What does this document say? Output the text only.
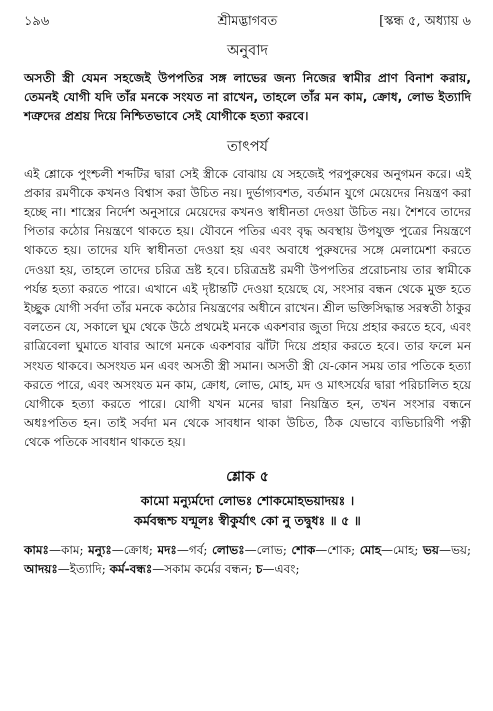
১৯৬	শ্রীমদ্ভাগবত	[স্কন্ধ ৫, অধ্যায় ৬
অনুবাদ
অসতী স্ত্রী যেমন সহজেই উপপতির সঙ্গ লাভের জন্য নিজের স্বামীর প্রাণ বিনাশ করায়, তেমনই যোগী যদি তাঁর মনকে সংযত না রাখেন, তাহলে তাঁর মন কাম, ক্রোধ, লোভ ইত্যাদি শত্রুদের প্রশ্রয় দিয়ে নিশ্চিতভাবে সেই যোগীকে হত্যা করবে।
তাৎপর্য

এই শ্লোকে পুংশ্চলী শব্দটির দ্বারা সেই স্ত্রীকে বোঝায় যে সহজেই পরপুরুষের অনুগমন করে। এই প্রকার রমণীকে কখনও বিশ্বাস করা উচিত নয়। দুর্ভাগ্যবশত, বর্তমান যুগে মেয়েদের নিয়ন্ত্রণ করা হচ্ছে না। শাস্ত্রের নির্দেশ অনুসারে মেয়েদের কখনও স্বাধীনতা দেওয়া উচিত নয়। শৈশবে তাদের পিতার কঠোর নিয়ন্ত্রণে থাকতে হয়। যৌবনে পতির এবং বৃদ্ধ অবস্থায় উপযুক্ত পুত্রের নিয়ন্ত্রণে থাকতে হয়। তাদের যদি স্বাধীনতা দেওয়া হয় এবং অবাধে পুরুষদের সঙ্গে মেলামেশা করতে দেওয়া হয়, তাহলে তাদের চরিত্র ভ্রষ্ট হবে। চরিত্রভ্রষ্ট রমণী উপপতির প্ররোচনায় তার স্বামীকে পর্যন্ত হত্যা করতে পারে। এখানে এই দৃষ্টান্তটি দেওয়া হয়েছে যে, সংসার বন্ধন থেকে মুক্ত হতে ইচ্ছুক যোগী সর্বদা তাঁর মনকে কঠোর নিয়ন্ত্রণের অধীনে রাখেন। শ্রীল ভক্তিসিদ্ধান্ত সরস্বতী ঠাকুর বলতেন যে, সকালে ঘুম থেকে উঠে প্রথমেই মনকে একশবার জুতা দিয়ে প্রহার করতে হবে, এবং রাত্রিবেলা ঘুমাতে যাবার আগে মনকে একশবার ঝাঁটা দিয়ে প্রহার করতে হবে। তার ফলে মন সংযত থাকবে। অসংযত মন এবং অসতী স্ত্রী সমান। অসতী স্ত্রী যে-কোন সময় তার পতিকে হত্যা করতে পারে, এবং অসংযত মন কাম, ক্রোধ, লোভ, মোহ, মদ ও মাৎসর্যের দ্বারা পরিচালিত হয়ে যোগীকে হত্যা করতে পারে। যোগী যখন মনের দ্বারা নিয়ন্ত্রিত হন, তখন সংসার বন্ধনে অধঃপতিত হন। তাই সর্বদা মন থেকে সাবধান থাকা উচিত, ঠিক যেভাবে ব্যভিচারিণী পত্নী থেকে পতিকে সাবধান থাকতে হয়।

শ্লোক ৫
কামো মন্যুর্মদো লোভঃ শোকমোহভয়াদয়ঃ ।
কর্মবন্ধশ্চ যন্মূলঃ স্বীকুর্যাৎ কো নু তদ্বুধঃ ॥ ৫ ॥
কামঃ—কাম; মন্যুঃ—ক্রোধ; মদঃ—গর্ব; লোভঃ—লোভ; শোক—শোক; মোহ—মোহ; ভয়—ভয়; আদয়ঃ—ইত্যাদি; কর্ম-বন্ধঃ—সকাম কর্মের বন্ধন; চ—এবং;
